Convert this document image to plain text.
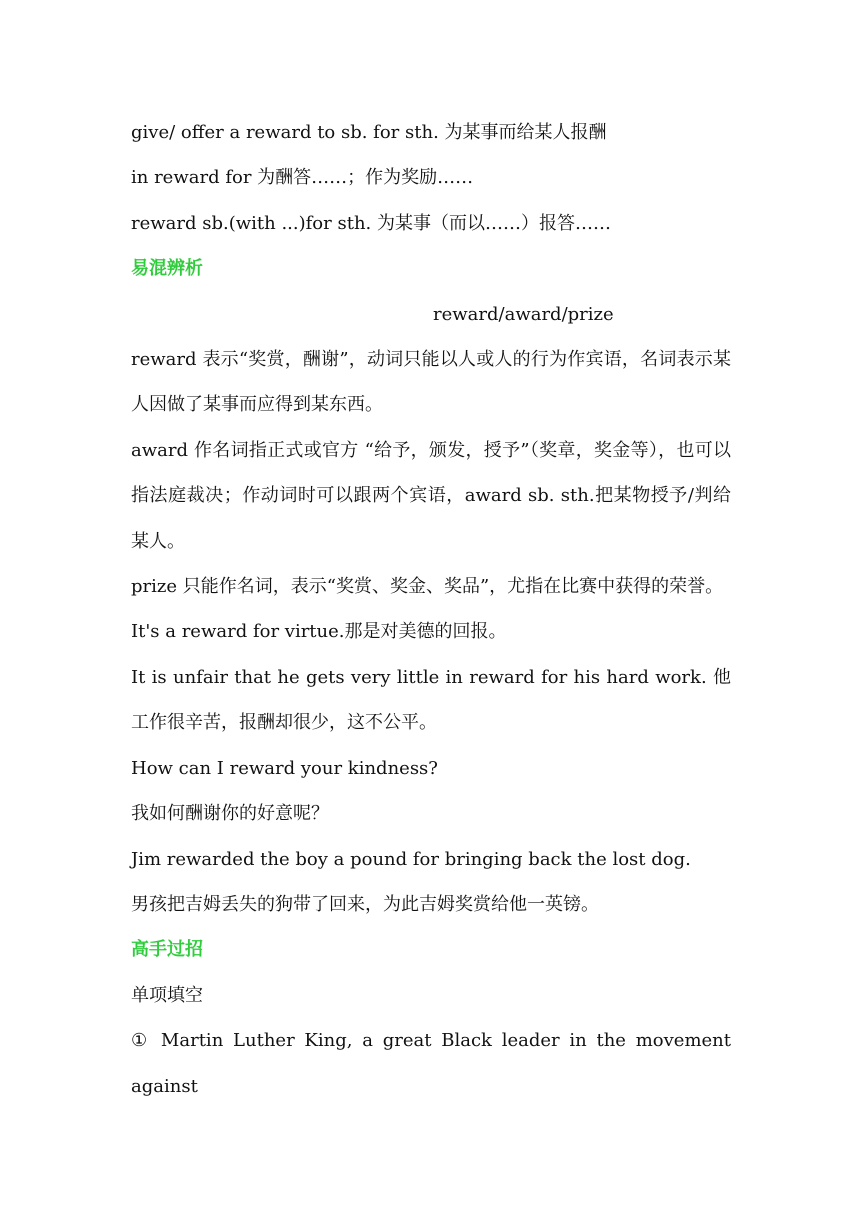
give/ offer a reward to sb. for sth. 为某事而给某人报酬
in reward for 为酬答……；作为奖励……
reward sb.(with ...)for sth. 为某事（而以……）报答……
易混辨析
reward/award/prize
reward 表示“奖赏，酬谢”，动词只能以人或人的行为作宾语，名词表示某人因做了某事而应得到某东西。
award 作名词指正式或官方 “给予，颁发，授予”（奖章，奖金等），也可以指法庭裁决；作动词时可以跟两个宾语，award sb. sth.把某物授予/判给某人。
prize 只能作名词，表示“奖赏、奖金、奖品”，尤指在比赛中获得的荣誉。
It's a reward for virtue.那是对美德的回报。
It is unfair that he gets very little in reward for his hard work. 他工作很辛苦，报酬却很少，这不公平。
How can I reward your kindness?
我如何酬谢你的好意呢？
Jim rewarded the boy a pound for bringing back the lost dog.
男孩把吉姆丢失的狗带了回来，为此吉姆奖赏给他一英镑。
高手过招
单项填空
① Martin Luther King, a great Black leader in the movement against
